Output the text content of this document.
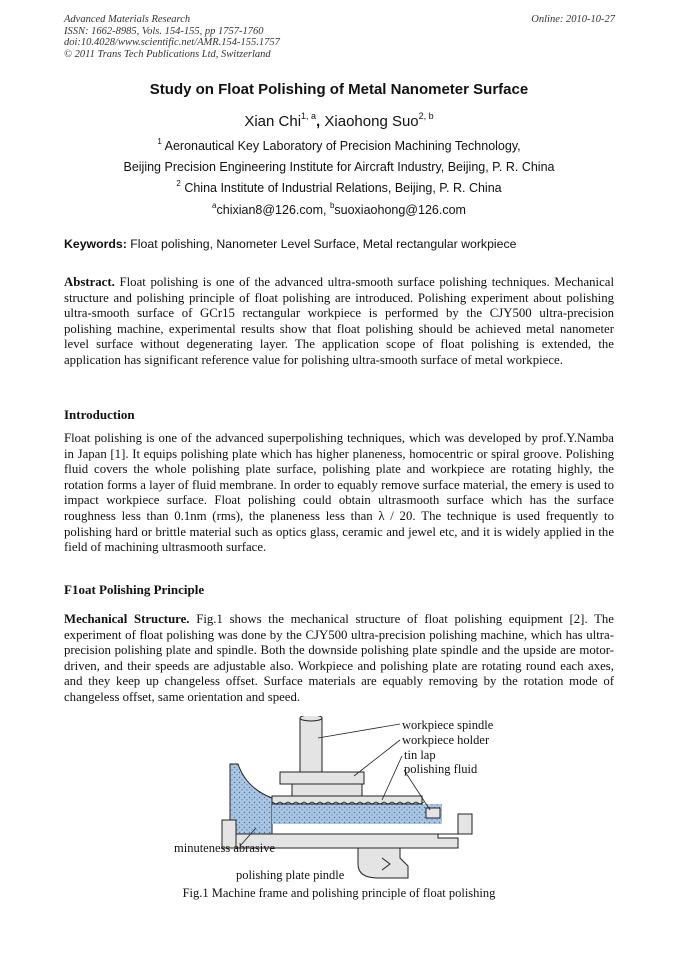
Advanced Materials Research
ISSN: 1662-8985, Vols. 154-155, pp 1757-1760
doi:10.4028/www.scientific.net/AMR.154-155.1757
© 2011 Trans Tech Publications Ltd, Switzerland
Online: 2010-10-27
Study on Float Polishing of Metal Nanometer Surface
Xian Chi$^{1, a}$, Xiaohong Suo$^{2, b}$
$^1$ Aeronautical Key Laboratory of Precision Machining Technology,
Beijing Precision Engineering Institute for Aircraft Industry, Beijing, P. R. China
$^2$ China Institute of Industrial Relations, Beijing, P. R. China
$^a$chixian8@126.com, $^b$suoxiaohong@126.com
Keywords: Float polishing, Nanometer Level Surface, Metal rectangular workpiece
Abstract. Float polishing is one of the advanced ultra-smooth surface polishing techniques. Mechanical structure and polishing principle of float polishing are introduced. Polishing experiment about polishing ultra-smooth surface of GCr15 rectangular workpiece is performed by the CJY500 ultra-precision polishing machine, experimental results show that float polishing should be achieved metal nanometer level surface without degenerating layer. The application scope of float polishing is extended, the application has significant reference value for polishing ultra-smooth surface of metal workpiece.
Introduction
Float polishing is one of the advanced superpolishing techniques, which was developed by prof.Y.Namba in Japan [1]. It equips polishing plate which has higher planeness, homocentric or spiral groove. Polishing fluid covers the whole polishing plate surface, polishing plate and workpiece are rotating highly, the rotation forms a layer of fluid membrane. In order to equably remove surface material, the emery is used to impact workpiece surface. Float polishing could obtain ultrasmooth surface which has the surface roughness less than 0.1nm (rms), the planeness less than λ / 20. The technique is used frequently to polishing hard or brittle material such as optics glass, ceramic and jewel etc, and it is widely applied in the field of machining ultrasmooth surface.
F1oat Polishing Principle
Mechanical Structure. Fig.1 shows the mechanical structure of float polishing equipment [2]. The experiment of float polishing was done by the CJY500 ultra-precision polishing machine, which has ultra-precision polishing plate and spindle. Both the downside polishing plate spindle and the upside are motor-driven, and their speeds are adjustable also. Workpiece and polishing plate are rotating round each axes, and they keep up changeless offset. Surface materials are equably removing by the rotation mode of changeless offset, same orientation and speed.
workpiece spindle
workpiece holder
tin lap
polishing fluid
minuteness abrasive
polishing plate pindle
Fig.1 Machine frame and polishing principle of float polishing
